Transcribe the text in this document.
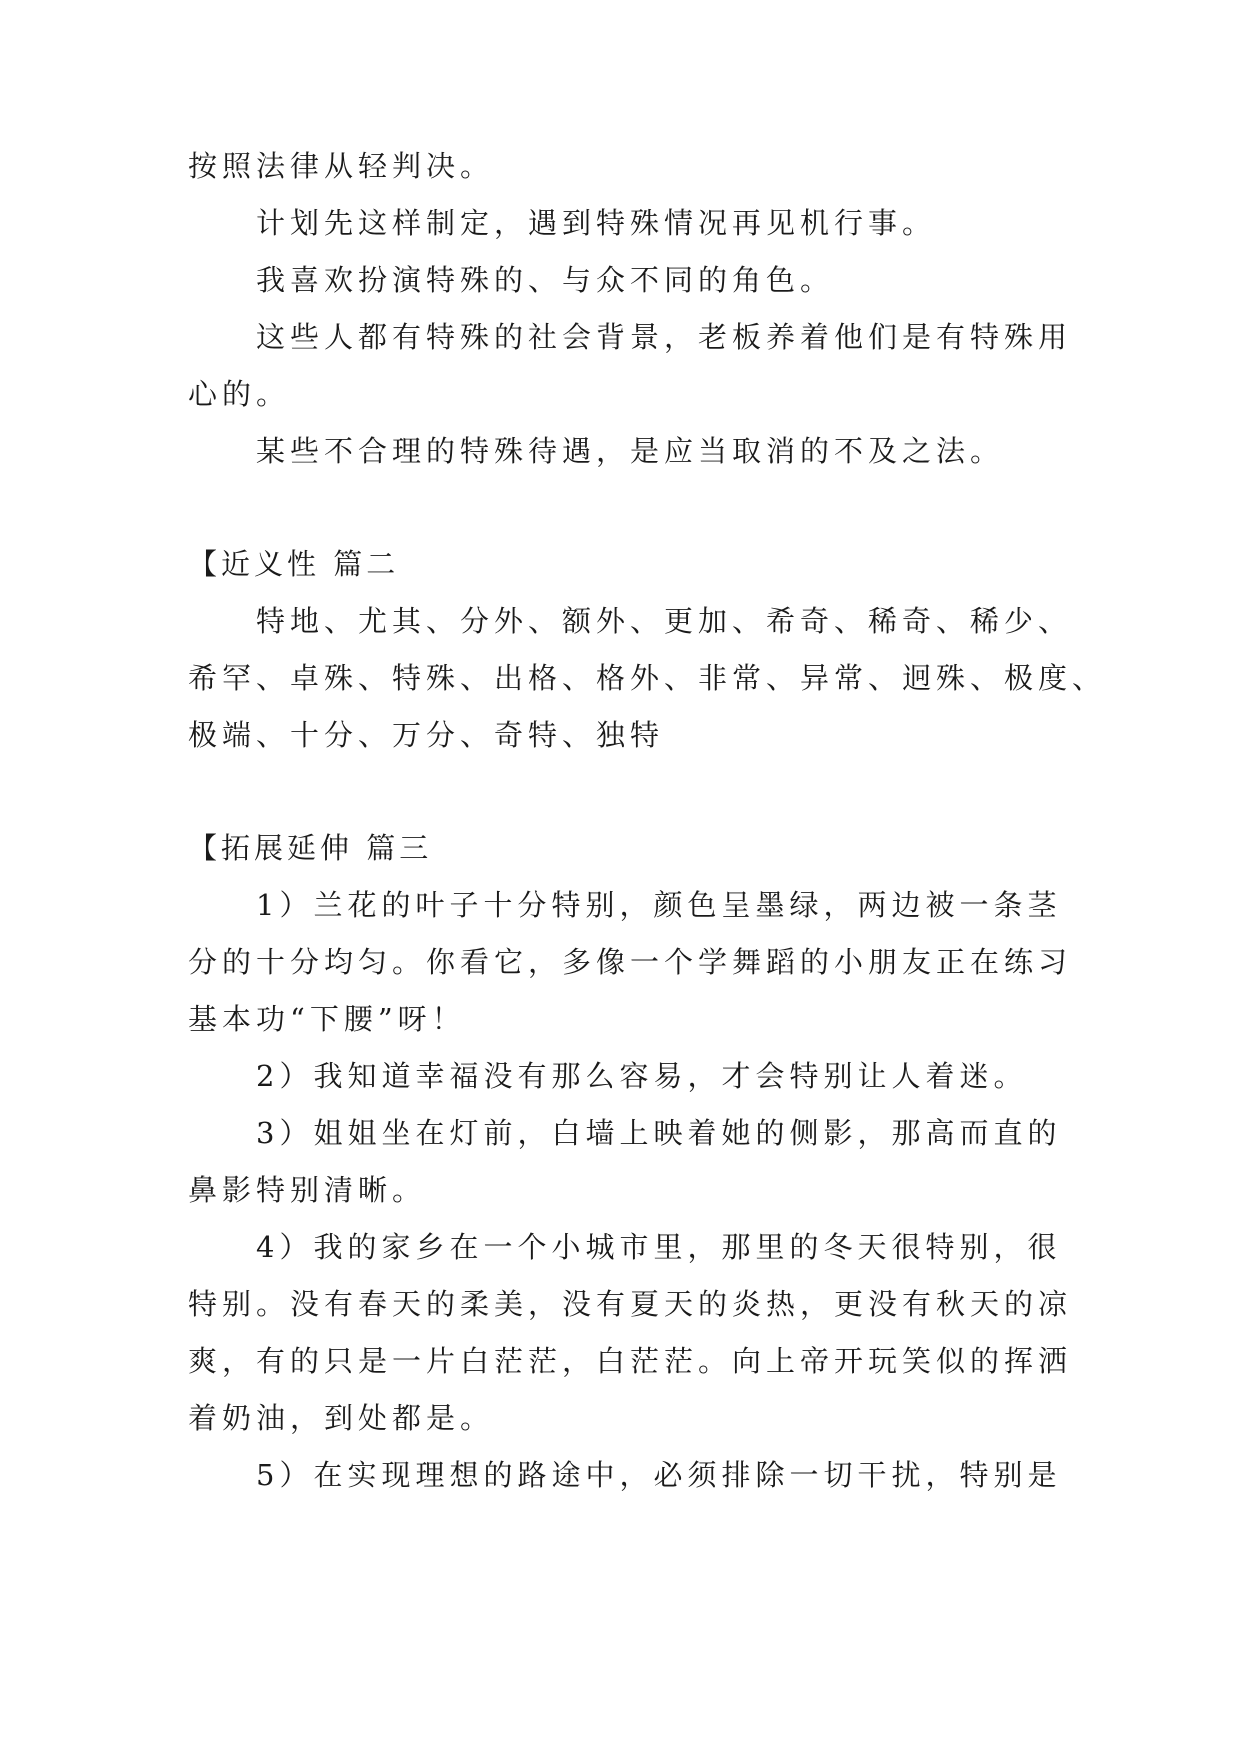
按照法律从轻判决。
计划先这样制定，遇到特殊情况再见机行事。
我喜欢扮演特殊的、与众不同的角色。
这些人都有特殊的社会背景，老板养着他们是有特殊用
心的。
某些不合理的特殊待遇，是应当取消的不及之法。
【近义性 篇二
特地、尤其、分外、额外、更加、希奇、稀奇、稀少、
希罕、卓殊、特殊、出格、格外、非常、异常、迥殊、极度、
极端、十分、万分、奇特、独特
【拓展延伸 篇三
1）兰花的叶子十分特别，颜色呈墨绿，两边被一条茎
分的十分均匀。你看它，多像一个学舞蹈的小朋友正在练习
基本功“下腰”呀！
2）我知道幸福没有那么容易，才会特别让人着迷。
3）姐姐坐在灯前，白墙上映着她的侧影，那高而直的
鼻影特别清晰。
4）我的家乡在一个小城市里，那里的冬天很特别，很
特别。没有春天的柔美，没有夏天的炎热，更没有秋天的凉
爽，有的只是一片白茫茫，白茫茫。向上帝开玩笑似的挥洒
着奶油，到处都是。
5）在实现理想的路途中，必须排除一切干扰，特别是
